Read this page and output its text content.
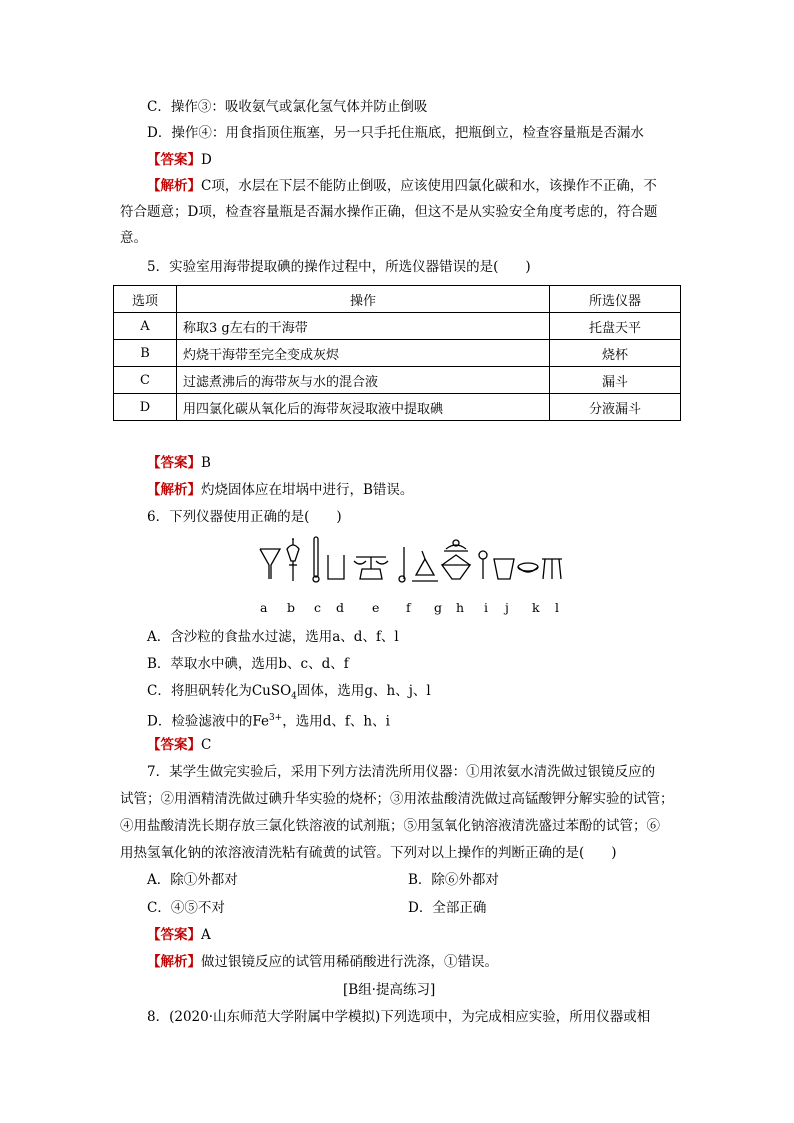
C．操作③：吸收氨气或氯化氢气体并防止倒吸
D．操作④：用食指顶住瓶塞，另一只手托住瓶底，把瓶倒立，检查容量瓶是否漏水
【答案】D
【解析】C项，水层在下层不能防止倒吸，应该使用四氯化碳和水，该操作不正确，不
符合题意；D项，检查容量瓶是否漏水操作正确，但这不是从实验安全角度考虑的，符合题
意。
5．实验室用海带提取碘的操作过程中，所选仪器错误的是(　　)
选项	操作	所选仪器
A	称取3 g左右的干海带	托盘天平
B	灼烧干海带至完全变成灰烬	烧杯
C	过滤煮沸后的海带灰与水的混合液	漏斗
D	用四氯化碳从氧化后的海带灰浸取液中提取碘	分液漏斗
【答案】B
【解析】灼烧固体应在坩埚中进行，B错误。
6．下列仪器使用正确的是(　　)
a b c d e f g h i j k l
A．含沙粒的食盐水过滤，选用a、d、f、l
B．萃取水中碘，选用b、c、d、f
C．将胆矾转化为CuSO$_4$固体，选用g、h、j、l
D．检验滤液中的$Fe^{3+}$，选用d、f、h、i
【答案】C
7．某学生做完实验后，采用下列方法清洗所用仪器：①用浓氨水清洗做过银镜反应的
试管；②用酒精清洗做过碘升华实验的烧杯；③用浓盐酸清洗做过高锰酸钾分解实验的试管；
④用盐酸清洗长期存放三氯化铁溶液的试剂瓶；⑤用氢氧化钠溶液清洗盛过苯酚的试管；⑥
用热氢氧化钠的浓溶液清洗粘有硫黄的试管。下列对以上操作的判断正确的是(　　)
A．除①外都对	B．除⑥外都对
C．④⑤不对	D．全部正确
【答案】A
【解析】做过银镜反应的试管用稀硝酸进行洗涤，①错误。
[B组·提高练习]
8．(2020·山东师范大学附属中学模拟)下列选项中，为完成相应实验，所用仪器或相
